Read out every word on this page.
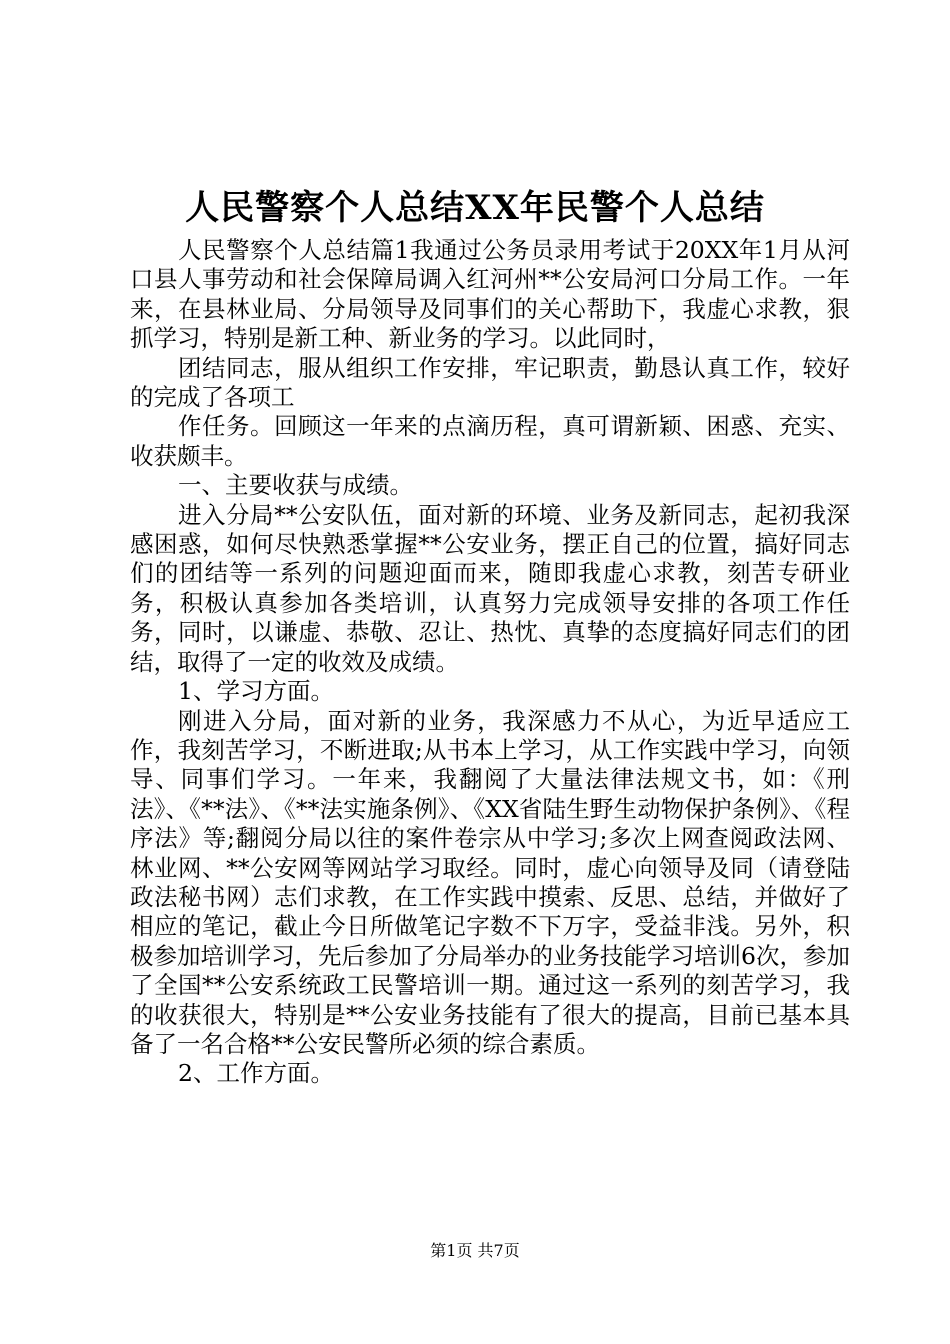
人民警察个人总结XX年民警个人总结

人民警察个人总结篇1我通过公务员录用考试于20XX年1月从河口县人事劳动和社会保障局调入红河州**公安局河口分局工作。一年来，在县林业局、分局领导及同事们的关心帮助下，我虚心求教，狠抓学习，特别是新工种、新业务的学习。以此同时，

团结同志，服从组织工作安排，牢记职责，勤恳认真工作，较好的完成了各项工

作任务。回顾这一年来的点滴历程，真可谓新颖、困惑、充实、收获颇丰。

一、主要收获与成绩。

进入分局**公安队伍，面对新的环境、业务及新同志，起初我深感困惑，如何尽快熟悉掌握**公安业务，摆正自己的位置，搞好同志们的团结等一系列的问题迎面而来，随即我虚心求教，刻苦专研业务，积极认真参加各类培训，认真努力完成领导安排的各项工作任务，同时，以谦虚、恭敬、忍让、热忱、真挚的态度搞好同志们的团结，取得了一定的收效及成绩。

1、学习方面。

刚进入分局，面对新的业务，我深感力不从心，为近早适应工作，我刻苦学习，不断进取;从书本上学习，从工作实践中学习，向领导、同事们学习。一年来，我翻阅了大量法律法规文书，如：《刑法》、《**法》、《**法实施条例》、《XX省陆生野生动物保护条例》、《程序法》等;翻阅分局以往的案件卷宗从中学习;多次上网查阅政法网、林业网、**公安网等网站学习取经。同时，虚心向领导及同（请登陆政法秘书网）志们求教，在工作实践中摸索、反思、总结，并做好了相应的笔记，截止今日所做笔记字数不下万字，受益非浅。另外，积极参加培训学习，先后参加了分局举办的业务技能学习培训6次，参加了全国**公安系统政工民警培训一期。通过这一系列的刻苦学习，我的收获很大，特别是**公安业务技能有了很大的提高，目前已基本具备了一名合格**公安民警所必须的综合素质。

2、工作方面。

第1页 共7页
